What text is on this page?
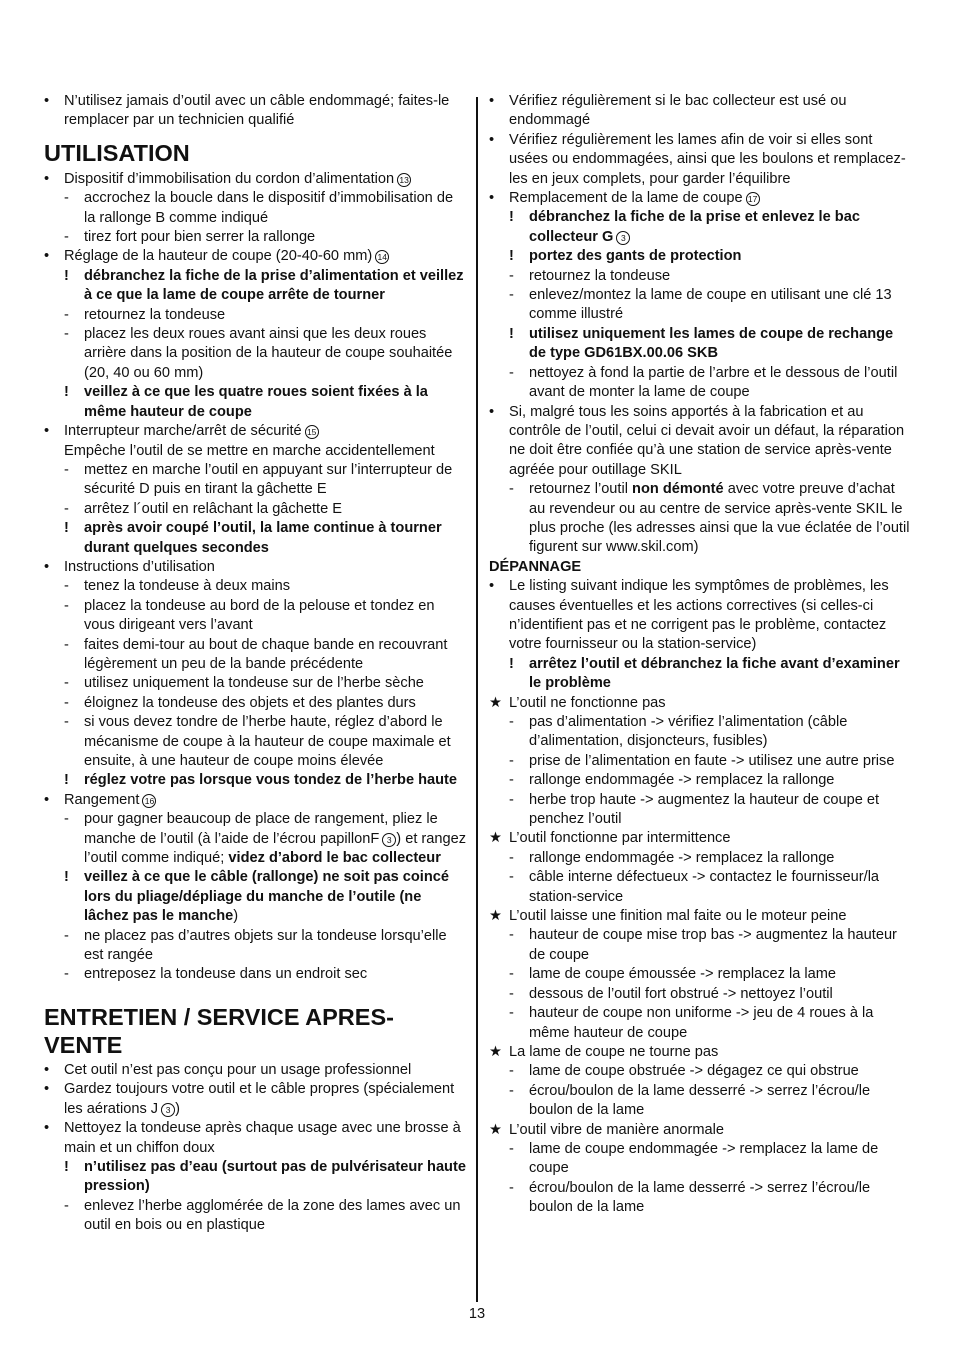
• N’utilisez jamais d’outil avec un câble endommagé; faites-le remplacer par un technicien qualifié
UTILISATION
• Dispositif d’immobilisation du cordon d’alimentation 13
- accrochez la boucle dans le dispositif d’immobilisation de la rallonge B comme indiqué
- tirez fort pour bien serrer la rallonge
• Réglage de la hauteur de coupe (20-40-60 mm) 14
! débranchez la fiche de la prise d’alimentation et veillez à ce que la lame de coupe arrête de tourner
- retournez la tondeuse
- placez les deux roues avant ainsi que les deux roues arrière dans la position de la hauteur de coupe souhaitée (20, 40 ou 60 mm)
! veillez à ce que les quatre roues soient fixées à la même hauteur de coupe
• Interrupteur marche/arrêt de sécurité 15
Empêche l’outil de se mettre en marche accidentellement
- mettez en marche l’outil en appuyant sur l’interrupteur de sécurité D puis en tirant la gâchette E
- arrêtez l´outil en relâchant la gâchette E
! après avoir coupé l’outil, la lame continue à tourner durant quelques secondes
• Instructions d’utilisation
- tenez la tondeuse à deux mains
- placez la tondeuse au bord de la pelouse et tondez en vous dirigeant vers l’avant
- faites demi-tour au bout de chaque bande en recouvrant légèrement un peu de la bande précédente
- utilisez uniquement la tondeuse sur de l’herbe sèche
- éloignez la tondeuse des objets et des plantes durs
- si vous devez tondre de l’herbe haute, réglez d’abord le mécanisme de coupe à la hauteur de coupe maximale et ensuite, à une hauteur de coupe moins élevée
! réglez votre pas lorsque vous tondez de l’herbe haute
• Rangement 16
- pour gagner beaucoup de place de rangement, pliez le manche de l’outil (à l’aide de l’écrou papillonF 3 ) et rangez l’outil comme indiqué; videz d’abord le bac collecteur
! veillez à ce que le câble (rallonge) ne soit pas coincé lors du pliage/dépliage du manche de l’outile (ne lâchez pas le manche)
- ne placez pas d’autres objets sur la tondeuse lorsqu’elle est rangée
- entreposez la tondeuse dans un endroit sec
ENTRETIEN / SERVICE APRES-VENTE
• Cet outil n’est pas conçu pour un usage professionnel
• Gardez toujours votre outil et le câble propres (spécialement les aérations J 3 )
• Nettoyez la tondeuse après chaque usage avec une brosse à main et un chiffon doux
! n’utilisez pas d’eau (surtout pas de pulvérisateur haute pression)
- enlevez l’herbe agglomérée de la zone des lames avec un outil en bois ou en plastique
• Vérifiez régulièrement si le bac collecteur est usé ou endommagé
• Vérifiez régulièrement les lames afin de voir si elles sont usées ou endommagées, ainsi que les boulons et remplacez-les en jeux complets, pour garder l’équilibre
• Remplacement de la lame de coupe 17
! débranchez la fiche de la prise et enlevez le bac collecteur G 3
! portez des gants de protection
- retournez la tondeuse
- enlevez/montez la lame de coupe en utilisant une clé 13 comme illustré
! utilisez uniquement les lames de coupe de rechange de type GD61BX.00.06 SKB
- nettoyez à fond la partie de l’arbre et le dessous de l’outil avant de monter la lame de coupe
• Si, malgré tous les soins apportés à la fabrication et au contrôle de l’outil, celui ci devait avoir un défaut, la réparation ne doit être confiée qu’à une station de service après-vente agréée pour outillage SKIL
- retournez l’outil non démonté avec votre preuve d’achat au revendeur ou au centre de service après-vente SKIL le plus proche (les adresses ainsi que la vue éclatée de l’outil figurent sur www.skil.com)
DÉPANNAGE
• Le listing suivant indique les symptômes de problèmes, les causes éventuelles et les actions correctives (si celles-ci n’identifient pas et ne corrigent pas le problème, contactez votre fournisseur ou la station-service)
! arrêtez l’outil et débranchez la fiche avant d’examiner le problème
★ L’outil ne fonctionne pas
- pas d’alimentation -> vérifiez l’alimentation (câble d’alimentation, disjoncteurs, fusibles)
- prise de l’alimentation en faute -> utilisez une autre prise
- rallonge endommagée -> remplacez la rallonge
- herbe trop haute -> augmentez la hauteur de coupe et penchez l’outil
★ L’outil fonctionne par intermittence
- rallonge endommagée -> remplacez la rallonge
- câble interne défectueux -> contactez le fournisseur/la station-service
★ L’outil laisse une finition mal faite ou le moteur peine
- hauteur de coupe mise trop bas -> augmentez la hauteur de coupe
- lame de coupe émoussée -> remplacez la lame
- dessous de l’outil fort obstrué -> nettoyez l’outil
- hauteur de coupe non uniforme -> jeu de 4 roues à la même hauteur de coupe
★ La lame de coupe ne tourne pas
- lame de coupe obstruée -> dégagez ce qui obstrue
- écrou/boulon de la lame desserré -> serrez l’écrou/le boulon de la lame
★ L’outil vibre de manière anormale
- lame de coupe endommagée -> remplacez la lame de coupe
- écrou/boulon de la lame desserré -> serrez l’écrou/le boulon de la lame
13
